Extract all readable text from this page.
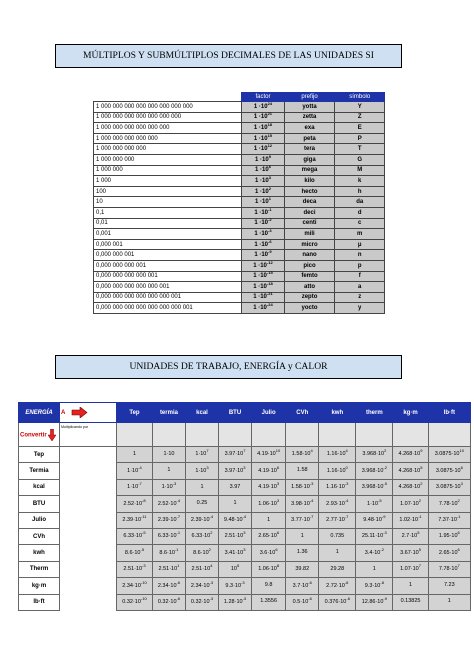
MÚLTIPLOS Y SUBMÚLTIPLOS DECIMALES DE LAS UNIDADES SI
	factor	prefijo	símbolo
1 000 000 000 000 000 000 000 000	$1 \cdot 10^{24}$	yotta	Y
1 000 000 000 000 000 000 000	$1 \cdot 10^{21}$	zetta	Z
1 000 000 000 000 000 000	$1 \cdot 10^{18}$	exa	E
1 000 000 000 000 000	$1 \cdot 10^{15}$	peta	P
1 000 000 000 000	$1 \cdot 10^{12}$	tera	T
1 000 000 000	$1 \cdot 10^9$	giga	G
1 000 000	$1 \cdot 10^6$	mega	M
1 000	$1 \cdot 10^3$	kilo	k
100	$1 \cdot 10^2$	hecto	h
10	$1 \cdot 10^1$	deca	da
0,1	$1 \cdot 10^{-1}$	deci	d
0,01	$1 \cdot 10^{-2}$	centi	c
0,001	$1 \cdot 10^{-3}$	mili	m
0,000 001	$1 \cdot 10^{-6}$	micro	μ
0,000 000 001	$1 \cdot 10^{-9}$	nano	n
0,000 000 000 001	$1 \cdot 10^{-12}$	pico	p
0,000 000 000 000 001	$1 \cdot 10^{-15}$	femto	f
0,000 000 000 000 000 001	$1 \cdot 10^{-18}$	atto	a
0,000 000 000 000 000 000 001	$1 \cdot 10^{-21}$	zepto	z
0,000 000 000 000 000 000 000 001	$1 \cdot 10^{-24}$	yocto	y
UNIDADES DE TRABAJO, ENERGÍA y CALOR
ENERGÍA	A	Tep	termia	kcal	BTU	Julio	CVh	kwh	therm	kg·m	lb·ft
Convertir	Multiplicando por										
Tep		1	1·10	$1\cdot 10^7$	$3.97\cdot 10^7$	$4.19\cdot 10^{10}$	$1.58\cdot 10^4$	$1.16\cdot 10^4$	$3.968\cdot 10^2$	$4.268\cdot 10^9$	$3.0875\cdot 10^{10}$
Termia		$1\cdot 10^{-4}$	1	$1\cdot 10^3$	$3.97\cdot 10^3$	$4.19\cdot 10^6$	1.58	$1.16\cdot 10^0$	$3.968\cdot 10^{-2}$	$4.268\cdot 10^5$	$3.0875\cdot 10^6$
kcal		$1\cdot 10^{-7}$	$1\cdot 10^{-3}$	1	3.97	$4.19\cdot 10^3$	$1.58\cdot 10^{-3}$	$1.16\cdot 10^{-3}$	$3.968\cdot 10^{-5}$	$4.268\cdot 10^2$	$3.0875\cdot 10^3$
BTU		$2.52\cdot 10^{-8}$	$2.52\cdot 10^{-4}$	0.25	1	$1.06\cdot 10^3$	$3.98\cdot 10^{-4}$	$2.93\cdot 10^{-4}$	$1\cdot 10^{-5}$	$1.07\cdot 10^2$	$7.78\cdot 10^2$
Julio		$2.39\cdot 10^{-11}$	$2.39\cdot 10^{-7}$	$2.39\cdot 10^{-4}$	$9.48\cdot 10^{-4}$	1	$3.77\cdot 10^{-7}$	$2.77\cdot 10^{-7}$	$9.48\cdot 10^{-9}$	$1.02\cdot 10^{-1}$	$7.37\cdot 10^{-1}$
CVh		$6.33\cdot 10^{-5}$	$6.33\cdot 10^{-1}$	$6.33\cdot 10^2$	$2.51\cdot 10^3$	$2.65\cdot 10^6$	1	0.735	$25.11\cdot 10^{-3}$	$2.7\cdot 10^5$	$1.95\cdot 10^6$
kwh		$8.6\cdot 10^{-5}$	$8.6\cdot 10^{-1}$	$8.6\cdot 10^2$	$3.41\cdot 10^3$	$3.6\cdot 10^6$	1.36	1	$3.4\cdot 10^{-2}$	$3.67\cdot 10^5$	$2.65\cdot 10^6$
Therm		$2.51\cdot 10^{-3}$	$2.51\cdot 10^1$	$2.51\cdot 10^4$	$10^5$	$1.06\cdot 10^8$	39.82	29.28	1	$1.07\cdot 10^7$	$7.78\cdot 10^7$
kg·m		$2.34\cdot 10^{-10}$	$2.34\cdot 10^{-6}$	$2.34\cdot 10^{-3}$	$9.3\cdot 10^{-3}$	9.8	$3.7\cdot 10^{-6}$	$2.72\cdot 10^{-6}$	$9.3\cdot 10^{-8}$	1	7.23
lb·ft		$0.32\cdot 10^{-10}$	$0.32\cdot 10^{-6}$	$0.32\cdot 10^{-3}$	$1.28\cdot 10^{-3}$	1.3556	$0.5\cdot 10^{-6}$	$0.376\cdot 10^{-6}$	$12.86\cdot 10^{-9}$	0.13825	1
